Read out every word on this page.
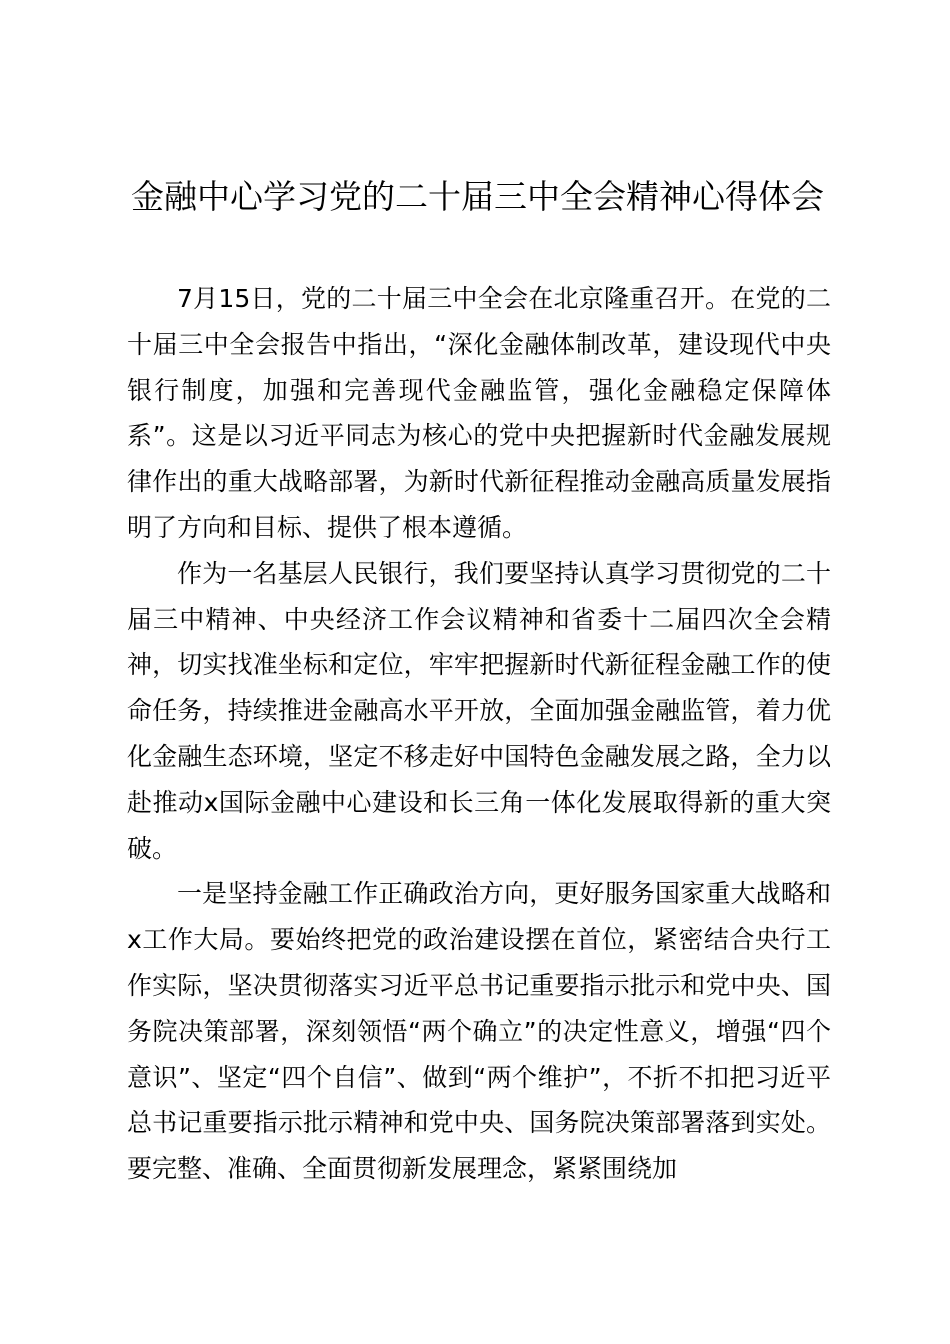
金融中心学习党的二十届三中全会精神心得体会

7月15日，党的二十届三中全会在北京隆重召开。在党的二十届三中全会报告中指出，“深化金融体制改革，建设现代中央银行制度，加强和完善现代金融监管，强化金融稳定保障体系”。这是以习近平同志为核心的党中央把握新时代金融发展规律作出的重大战略部署，为新时代新征程推动金融高质量发展指明了方向和目标、提供了根本遵循。

作为一名基层人民银行，我们要坚持认真学习贯彻党的二十届三中精神、中央经济工作会议精神和省委十二届四次全会精神，切实找准坐标和定位，牢牢把握新时代新征程金融工作的使命任务，持续推进金融高水平开放，全面加强金融监管，着力优化金融生态环境，坚定不移走好中国特色金融发展之路，全力以赴推动x国际金融中心建设和长三角一体化发展取得新的重大突破。

一是坚持金融工作正确政治方向，更好服务国家重大战略和x工作大局。要始终把党的政治建设摆在首位，紧密结合央行工作实际，坚决贯彻落实习近平总书记重要指示批示和党中央、国务院决策部署，深刻领悟“两个确立”的决定性意义，增强“四个意识”、坚定“四个自信”、做到“两个维护”，不折不扣把习近平总书记重要指示批示精神和党中央、国务院决策部署落到实处。要完整、准确、全面贯彻新发展理念，紧紧围绕加
